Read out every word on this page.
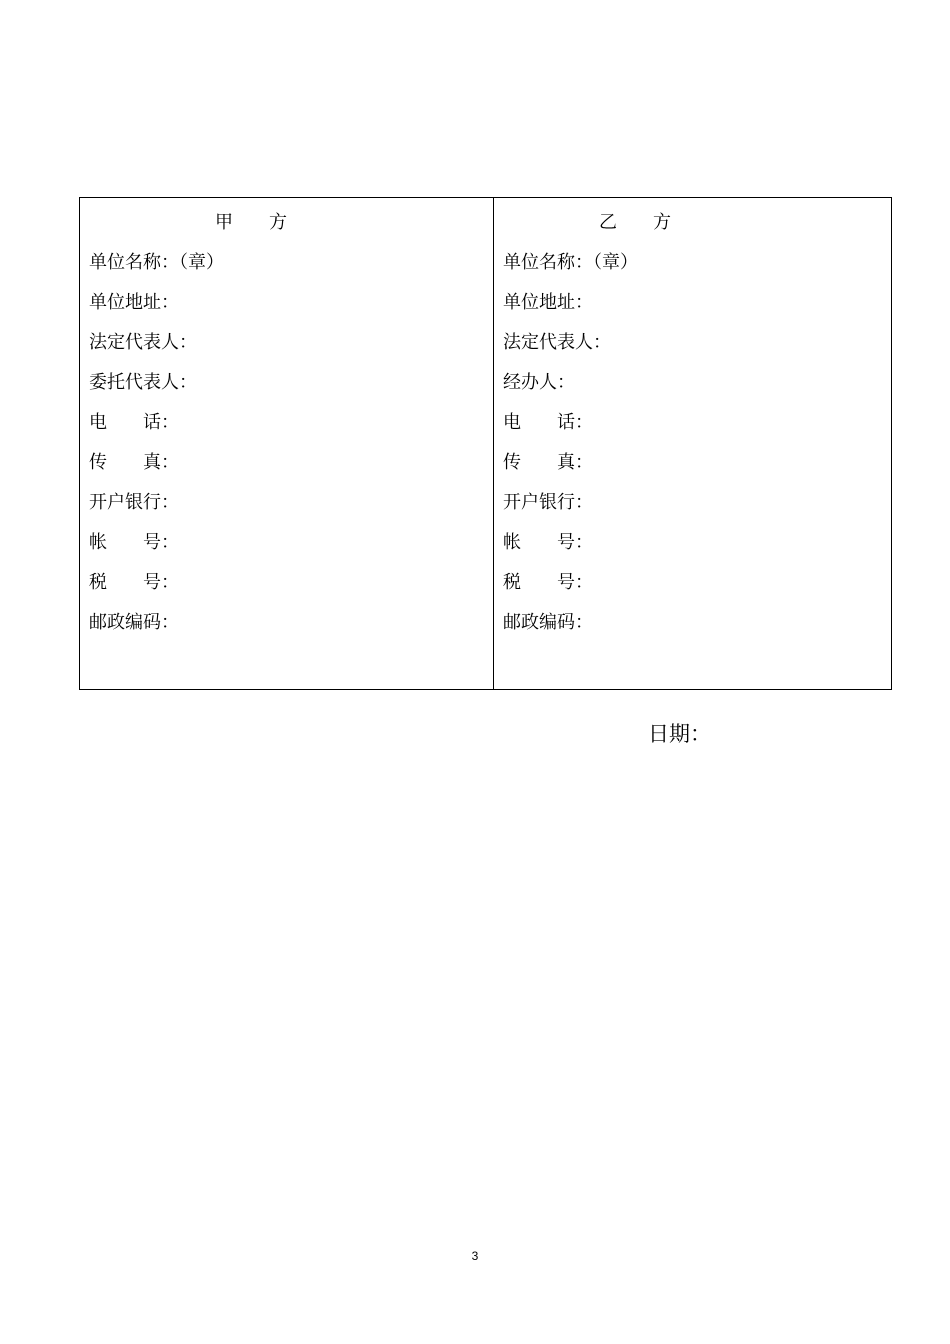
甲 方
单位名称：（章）
单位地址：
法定代表人：
委托代表人：
电　　话：
传　　真：
开户银行：
帐　　号：
税　　号：
邮政编码：
乙 方
单位名称：（章）
单位地址：
法定代表人：
经办人：
电　　话：
传　　真：
开户银行：
帐　　号：
税　　号：
邮政编码：
日期：
3
